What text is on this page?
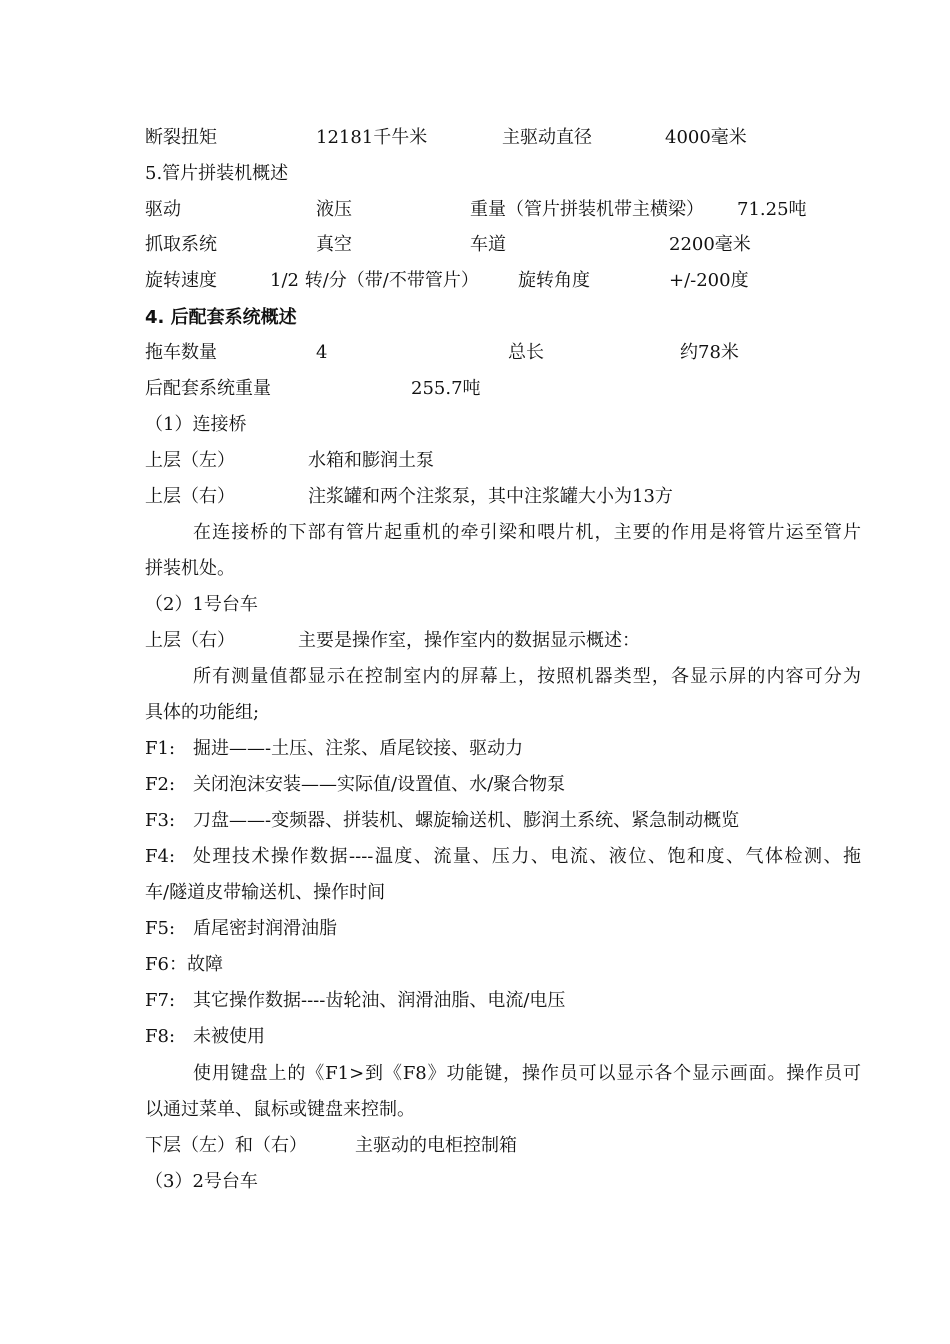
断裂扭矩	12181千牛米	主驱动直径	4000毫米
5.管片拼装机概述
驱动	液压	重量（管片拼装机带主横梁） 71.25吨
抓取系统	真空	车道	2200毫米
旋转速度	1/2 转/分（带/不带管片） 旋转角度	+/-200度
4. 后配套系统概述
拖车数量	4	总长	约78米
后配套系统重量	255.7吨
（1）连接桥
上层（左）	水箱和膨润土泵
上层（右）	注浆罐和两个注浆泵，其中注浆罐大小为13方
在连接桥的下部有管片起重机的牵引梁和喂片机，主要的作用是将管片运至管片
拼装机处。
（2）1号台车
上层（右）	主要是操作室，操作室内的数据显示概述：
所有测量值都显示在控制室内的屏幕上，按照机器类型，各显示屏的内容可分为
具体的功能组;
F1: 掘进——-土压、注浆、盾尾铰接、驱动力
F2: 关闭泡沫安装——实际值/设置值、水/聚合物泵
F3: 刀盘——-变频器、拼装机、螺旋输送机、膨润土系统、紧急制动概览
F4: 处理技术操作数据----温度、流量、压力、电流、液位、饱和度、气体检测、拖
车/隧道皮带输送机、操作时间
F5: 盾尾密封润滑油脂
F6：故障
F7: 其它操作数据----齿轮油、润滑油脂、电流/电压
F8: 未被使用
使用键盘上的《F1>到《F8》功能键，操作员可以显示各个显示画面。操作员可
以通过菜单、鼠标或键盘来控制。
下层（左）和（右）	主驱动的电柜控制箱
（3）2号台车
